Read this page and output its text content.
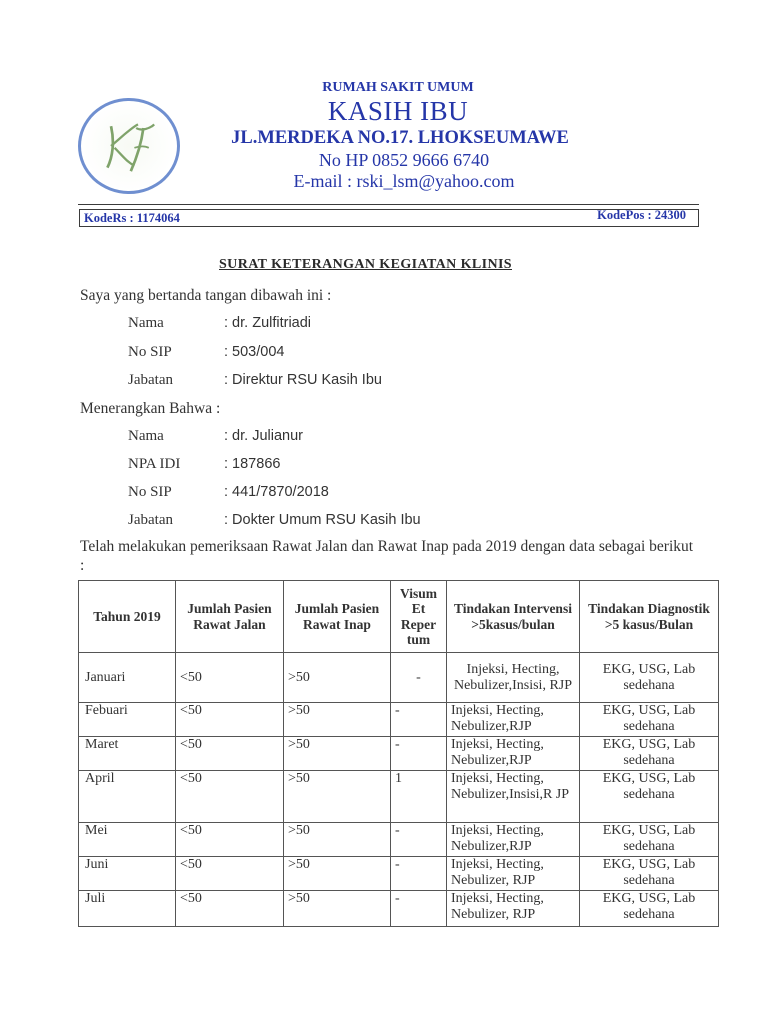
RUMAH SAKIT UMUM
KASIH IBU
JL.MERDEKA NO.17. LHOKSEUMAWE
No HP 0852 9666 6740
E-mail : rski_lsm@yahoo.com
KodeRs : 1174064	KodePos : 24300
SURAT KETERANGAN KEGIATAN KLINIS
Saya yang bertanda tangan dibawah ini :
Nama	: dr. Zulfitriadi
No SIP	: 503/004
Jabatan	: Direktur RSU Kasih Ibu
Menerangkan Bahwa :
Nama	: dr. Julianur
NPA IDI	: 187866
No SIP	: 441/7870/2018
Jabatan	: Dokter Umum RSU Kasih Ibu
Telah melakukan pemeriksaan Rawat Jalan dan Rawat Inap pada 2019 dengan data sebagai berikut :
Tahun 2019	Jumlah Pasien Rawat Jalan	Jumlah Pasien Rawat Inap	Visum Et Reper tum	Tindakan Intervensi >5kasus/bulan	Tindakan Diagnostik >5 kasus/Bulan
Januari	<50	>50	-	Injeksi, Hecting, Nebulizer,Insisi, RJP	EKG, USG, Lab sedehana
Febuari	<50	>50	-	Injeksi, Hecting, Nebulizer,RJP	EKG, USG, Lab sedehana
Maret	<50	>50	-	Injeksi, Hecting, Nebulizer,RJP	EKG, USG, Lab sedehana
April	<50	>50	1	Injeksi, Hecting, Nebulizer,Insisi,R JP	EKG, USG, Lab sedehana
Mei	<50	>50	-	Injeksi, Hecting, Nebulizer,RJP	EKG, USG, Lab sedehana
Juni	<50	>50	-	Injeksi, Hecting, Nebulizer, RJP	EKG, USG, Lab sedehana
Juli	<50	>50	-	Injeksi, Hecting, Nebulizer, RJP	EKG, USG, Lab sedehana
